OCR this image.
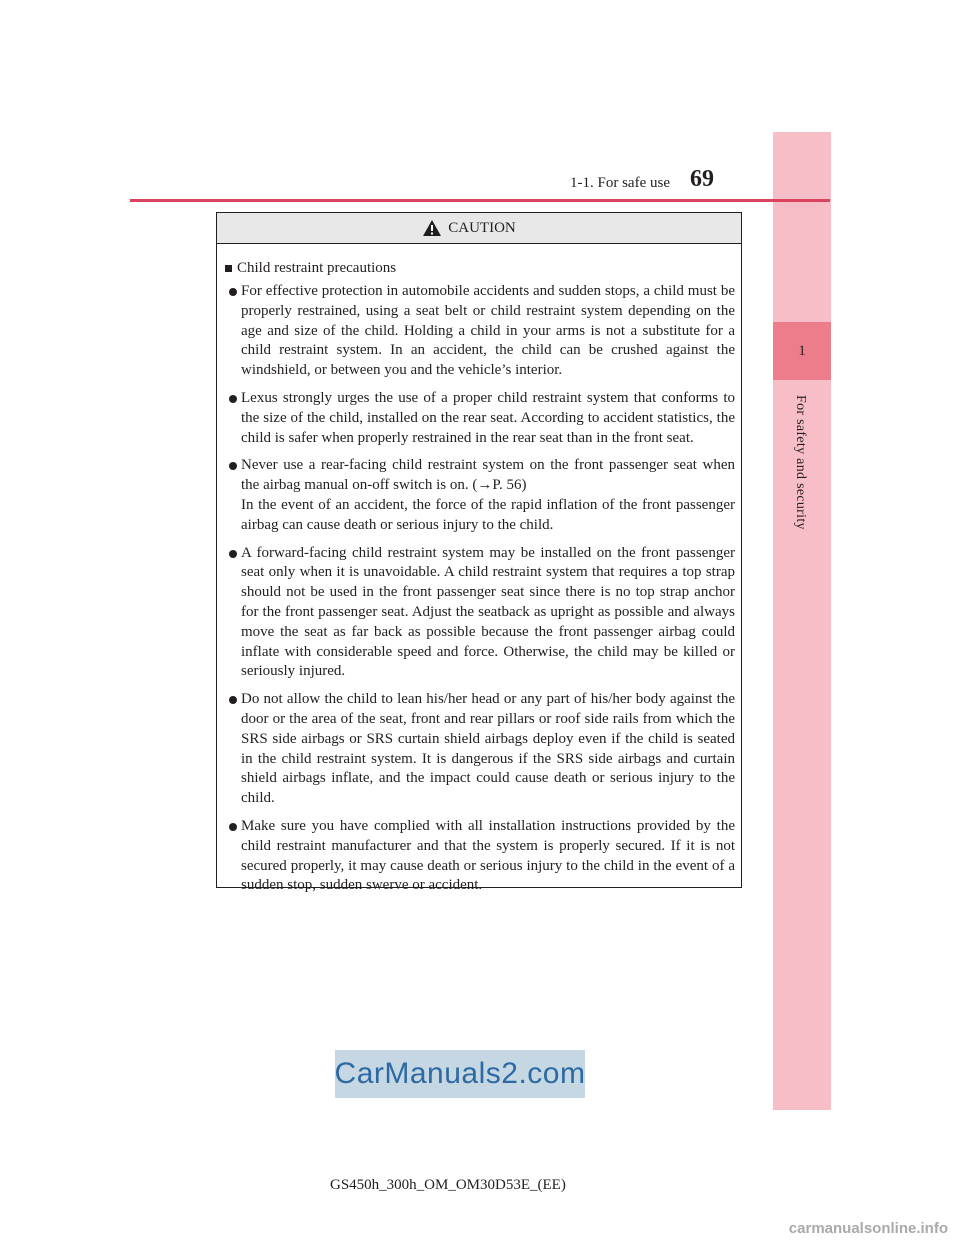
1
For safety and security
1-1. For safe use 69
CAUTION
Child restraint precautions
For effective protection in automobile accidents and sudden stops, a child must be properly restrained, using a seat belt or child restraint system depending on the age and size of the child. Holding a child in your arms is not a substitute for a child restraint system. In an accident, the child can be crushed against the windshield, or between you and the vehicle’s interior.
Lexus strongly urges the use of a proper child restraint system that conforms to the size of the child, installed on the rear seat. According to accident statistics, the child is safer when properly restrained in the rear seat than in the front seat.
Never use a rear-facing child restraint system on the front passenger seat when the airbag manual on-off switch is on. (→P. 56)
In the event of an accident, the force of the rapid inflation of the front passenger airbag can cause death or serious injury to the child.
A forward-facing child restraint system may be installed on the front passenger seat only when it is unavoidable. A child restraint system that requires a top strap should not be used in the front passenger seat since there is no top strap anchor for the front passenger seat. Adjust the seatback as upright as possible and always move the seat as far back as possible because the front passenger airbag could inflate with considerable speed and force. Otherwise, the child may be killed or seriously injured.
Do not allow the child to lean his/her head or any part of his/her body against the door or the area of the seat, front and rear pillars or roof side rails from which the SRS side airbags or SRS curtain shield airbags deploy even if the child is seated in the child restraint system. It is dangerous if the SRS side airbags and curtain shield airbags inflate, and the impact could cause death or serious injury to the child.
Make sure you have complied with all installation instructions provided by the child restraint manufacturer and that the system is properly secured. If it is not secured properly, it may cause death or serious injury to the child in the event of a sudden stop, sudden swerve or accident.
CarManuals2.com
GS450h_300h_OM_OM30D53E_(EE)
carmanualsonline.info
